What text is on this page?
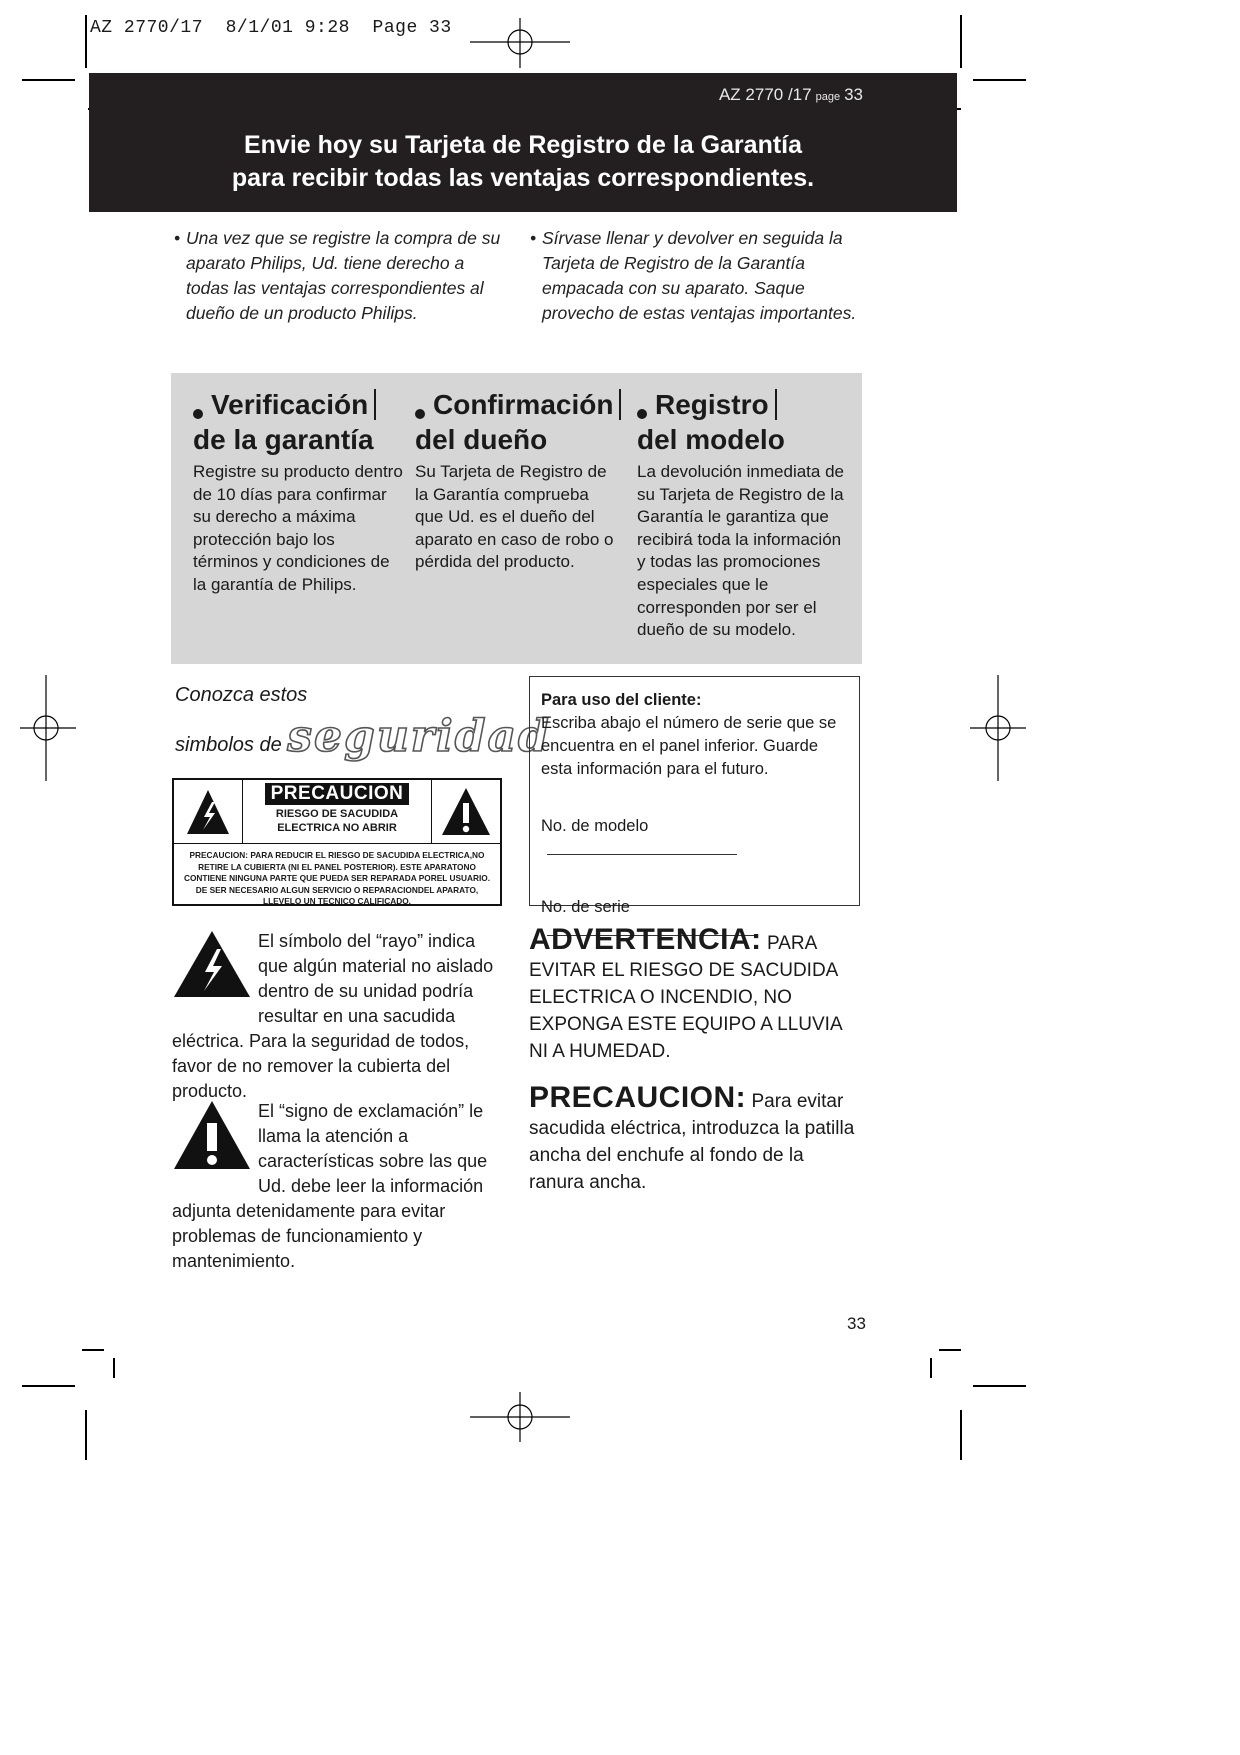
AZ 2770/17  8/1/01 9:28  Page 33
AZ 2770 /17 page 33
Envie hoy su Tarjeta de Registro de la Garantía
para recibir todas las ventajas correspondientes.
• Una vez que se registre la compra de su aparato Philips, Ud. tiene derecho a todas las ventajas correspondientes al dueño de un producto Philips.
• Sírvase llenar y devolver en seguida la Tarjeta de Registro de la Garantía empacada con su aparato. Saque provecho de estas ventajas importantes.
Verificación
de la garantía

Registre su producto dentro de 10 días para confirmar su derecho a máxima protección bajo los términos y condiciones de la garantía de Philips.

Confirmación
del dueño

Su Tarjeta de Registro de la Garantía comprueba que Ud. es el dueño del aparato en caso de robo o pérdida del producto.

Registro
del modelo

La devolución inmediata de su Tarjeta de Registro de la Garantía le garantiza que recibirá toda la información y todas las promociones especiales que le corresponden por ser el dueño de su modelo.

Conozca estos
simbolos de seguridad
Para uso del cliente:
Escriba abajo el número de serie que se encuentra en el panel inferior. Guarde esta información para el futuro.
No. de modelo
No. de serie
PRECAUCION
RIESGO DE SACUDIDA ELECTRICA NO ABRIR
PRECAUCION: PARA REDUCIR EL RIESGO DE SACUDIDA ELECTRICA,NO RETIRE LA CUBIERTA (NI EL PANEL POSTERIOR). ESTE APARATONO CONTIENE NINGUNA PARTE QUE PUEDA SER REPARADA POREL USUARIO. DE SER NECESARIO ALGUN SERVICIO O REPARACIONDEL APARATO, LLEVELO UN TECNICO CALIFICADO.
El símbolo del “rayo” indica que algún material no aislado dentro de su unidad podría resultar en una sacudida eléctrica. Para la seguridad de todos, favor de no remover la cubierta del producto.
El “signo de exclamación” le llama la atención a características sobre las que Ud. debe leer la información adjunta detenidamente para evitar problemas de funcionamiento y mantenimiento.
ADVERTENCIA: PARA EVITAR EL RIESGO DE SACUDIDA ELECTRICA O INCENDIO, NO EXPONGA ESTE EQUIPO A LLUVIA NI A HUMEDAD.
PRECAUCION: Para evitar sacudida eléctrica, introduzca la patilla ancha del enchufe al fondo de la ranura ancha.
33
